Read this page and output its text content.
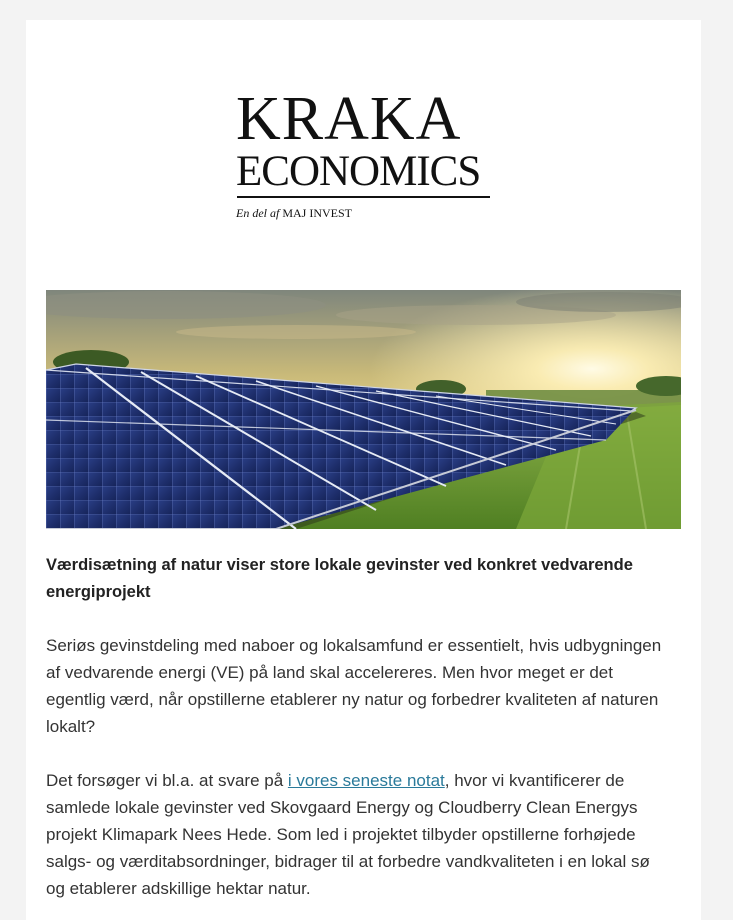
KRAKA
ECONOMICS
En del af MAJ INVEST

Værdisætning af natur viser store lokale gevinster ved konkret vedvarende energiprojekt

Seriøs gevinstdeling med naboer og lokalsamfund er essentielt, hvis udbygningen af vedvarende energi (VE) på land skal accelereres. Men hvor meget er det egentlig værd, når opstillerne etablerer ny natur og forbedrer kvaliteten af naturen lokalt?

Det forsøger vi bl.a. at svare på i vores seneste notat, hvor vi kvantificerer de samlede lokale gevinster ved Skovgaard Energy og Cloudberry Clean Energys projekt Klimapark Nees Hede. Som led i projektet tilbyder opstillerne forhøjede salgs- og værditabsordninger, bidrager til at forbedre vandkvaliteten i en lokal sø og etablerer adskillige hektar natur.
